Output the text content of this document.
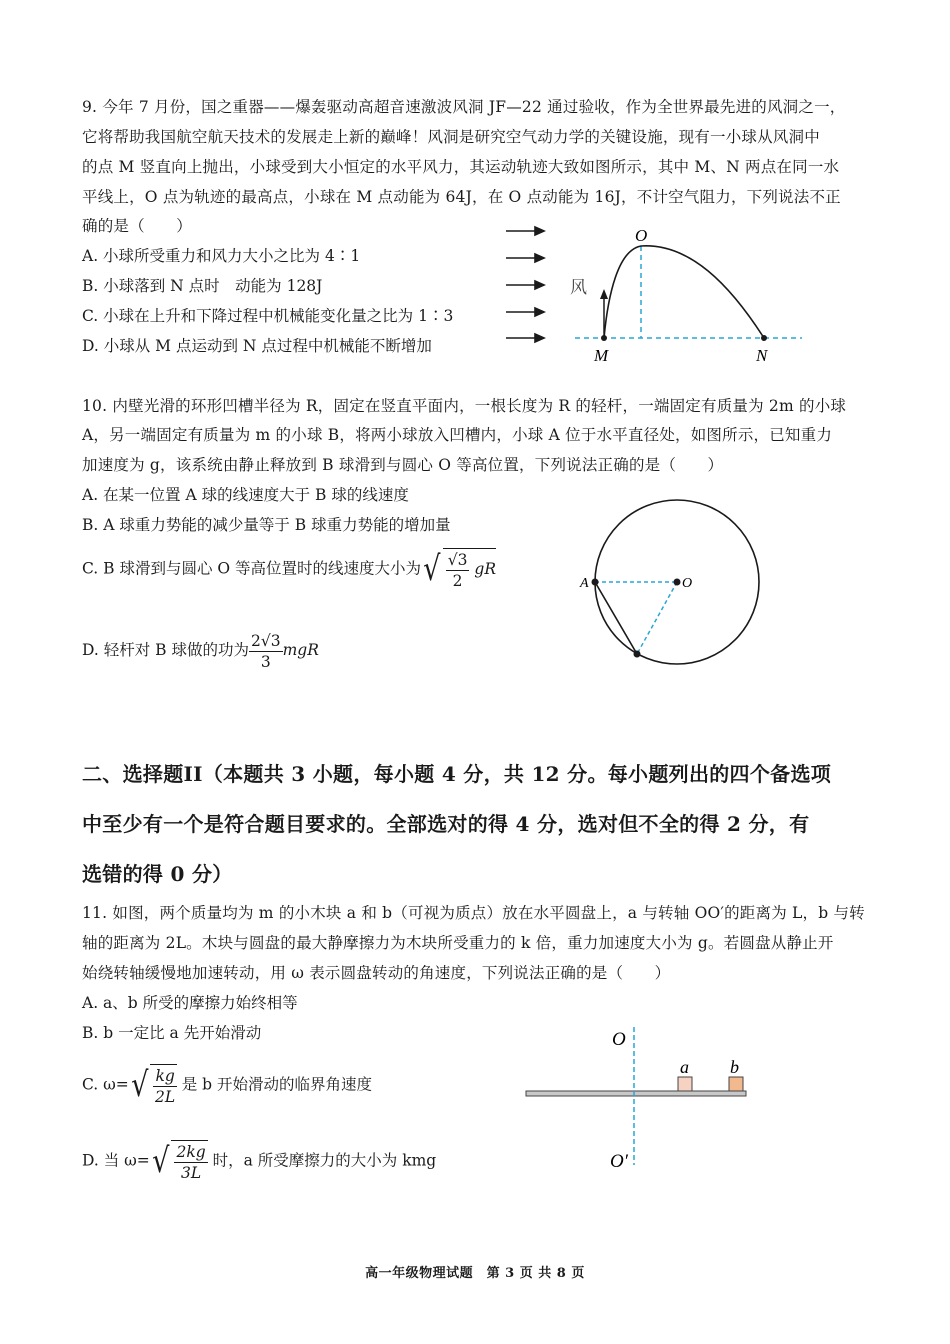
9. 今年 7 月份，国之重器——爆轰驱动高超音速激波风洞 JF—22 通过验收，作为全世界最先进的风洞之一，
它将帮助我国航空航天技术的发展走上新的巅峰！风洞是研究空气动力学的关键设施，现有一小球从风洞中
的点 M 竖直向上抛出，小球受到大小恒定的水平风力，其运动轨迹大致如图所示，其中 M、N 两点在同一水
平线上，O 点为轨迹的最高点，小球在 M 点动能为 64J，在 O 点动能为 16J，不计空气阻力，下列说法不正
确的是（　　）
A. 小球所受重力和风力大小之比为 4∶1
B. 小球落到 N 点时　动能为 128J
C. 小球在上升和下降过程中机械能变化量之比为 1∶3
D. 小球从 M 点运动到 N 点过程中机械能不断增加
O
M	N
风
10. 内壁光滑的环形凹槽半径为 R，固定在竖直平面内，一根长度为 R 的轻杆，一端固定有质量为 2m 的小球
A，另一端固定有质量为 m 的小球 B，将两小球放入凹槽内，小球 A 位于水平直径处，如图所示，已知重力
加速度为 g，该系统由静止释放到 B 球滑到与圆心 O 等高位置，下列说法正确的是（　　）
A. 在某一位置 A 球的线速度大于 B 球的线速度
B. A 球重力势能的减少量等于 B 球重力势能的增加量
C. B 球滑到与圆心 O 等高位置时的线速度大小为√ $\frac{√3}{2}$ gR
D. 轻杆对 B 球做的功为 $\frac{2√3}{3}$ mgR
A	O
二、选择题II（本题共 3 小题，每小题 4 分，共 12 分。每小题列出的四个备选项
中至少有一个是符合题目要求的。全部选对的得 4 分，选对但不全的得 2 分，有
选错的得 0 分）
11. 如图，两个质量均为 m 的小木块 a 和 b（可视为质点）放在水平圆盘上，a 与转轴 OO′的距离为 L，b 与转
轴的距离为 2L。木块与圆盘的最大静摩擦力为木块所受重力的 k 倍，重力加速度大小为 g。若圆盘从静止开
始绕转轴缓慢地加速转动，用 ω 表示圆盘转动的角速度，下列说法正确的是（　　）
A. a、b 所受的摩擦力始终相等
B. b 一定比 a 先开始滑动
C. $\omega=√ \frac{kg}{2L}$ 是 b 开始滑动的临界角速度
D. 当 $\omega=√ \frac{2kg}{3L}$ 时，a 所受摩擦力的大小为 kmg
O
O′
a b
高一年级物理试题　第 3 页 共 8 页
